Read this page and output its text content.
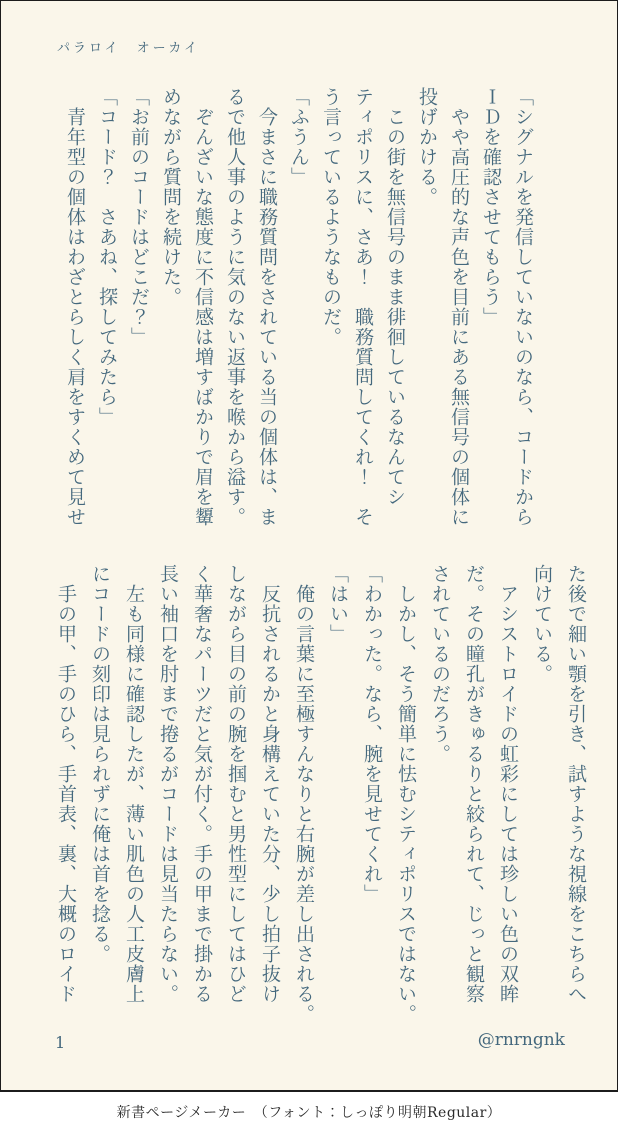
パラロイ　オーカイ
「シグナルを発信していないのなら、コードから
ＩＤを確認させてもらう」
　やや高圧的な声色を目前にある無信号の個体に
投げかける。
　この街を無信号のまま徘徊しているなんてシ
ティポリスに、さあ！　職務質問してくれ！　そ
う言っているようなものだ。
「ふうん」
　今まさに職務質問をされている当の個体は、ま
るで他人事のように気のない返事を喉から溢す。
　ぞんざいな態度に不信感は増すばかりで眉を顰
めながら質問を続けた。
「お前のコードはどこだ？」
「コード？　さあね、探してみたら」
　青年型の個体はわざとらしく肩をすくめて見せ
た後で細い顎を引き、試すような視線をこちらへ
向けている。
　アシストロイドの虹彩にしては珍しい色の双眸
だ。その瞳孔がきゅるりと絞られて、じっと観察
されているのだろう。
　しかし、そう簡単に怯むシティポリスではない。
「わかった。なら、腕を見せてくれ」
「はい」
　俺の言葉に至極すんなりと右腕が差し出される。
　反抗されるかと身構えていた分、少し拍子抜け
しながら目の前の腕を掴むと男性型にしてはひど
く華奢なパーツだと気が付く。手の甲まで掛かる
長い袖口を肘まで捲るがコードは見当たらない。
　左も同様に確認したが、薄い肌色の人工皮膚上
にコードの刻印は見られずに俺は首を捻る。
　手の甲、手のひら、手首表、裏、大概のロイド
1	@rnrngnk
新書ページメーカー　（フォント：しっぽり明朝Regular）
